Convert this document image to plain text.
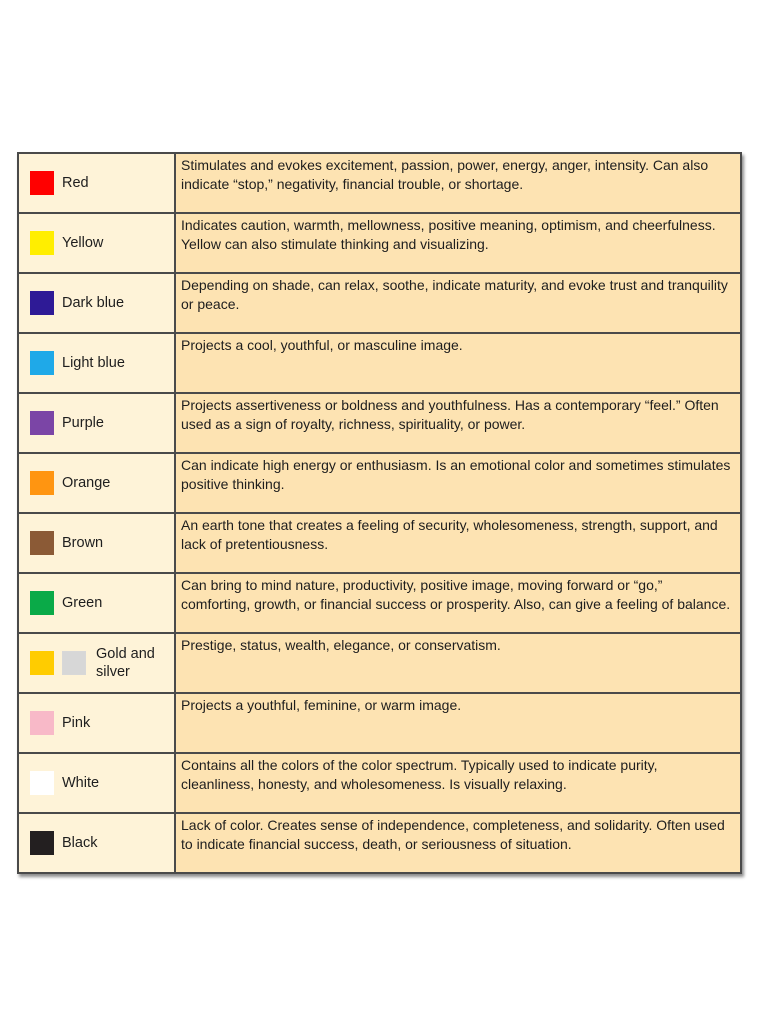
Red
Stimulates and evokes excitement, passion, power, energy, anger, intensity. Can also indicate “stop,” negativity, financial trouble, or shortage.
Yellow
Indicates caution, warmth, mellowness, positive meaning, optimism, and cheerfulness. Yellow can also stimulate thinking and visualizing.
Dark blue
Depending on shade, can relax, soothe, indicate maturity, and evoke trust and tranquility or peace.
Light blue
Projects a cool, youthful, or masculine image.
Purple
Projects assertiveness or boldness and youthfulness. Has a contemporary “feel.” Often used as a sign of royalty, richness, spirituality, or power.
Orange
Can indicate high energy or enthusiasm. Is an emotional color and sometimes stimulates positive thinking.
Brown
An earth tone that creates a feeling of security, wholesomeness, strength, support, and lack of pretentiousness.
Green
Can bring to mind nature, productivity, positive image, moving forward or “go,” comforting, growth, or financial success or prosperity. Also, can give a feeling of balance.
Gold and silver
Prestige, status, wealth, elegance, or conservatism.
Pink
Projects a youthful, feminine, or warm image.
White
Contains all the colors of the color spectrum. Typically used to indicate purity, cleanliness, honesty, and wholesomeness. Is visually relaxing.
Black
Lack of color. Creates sense of independence, completeness, and solidarity. Often used to indicate financial success, death, or seriousness of situation.
